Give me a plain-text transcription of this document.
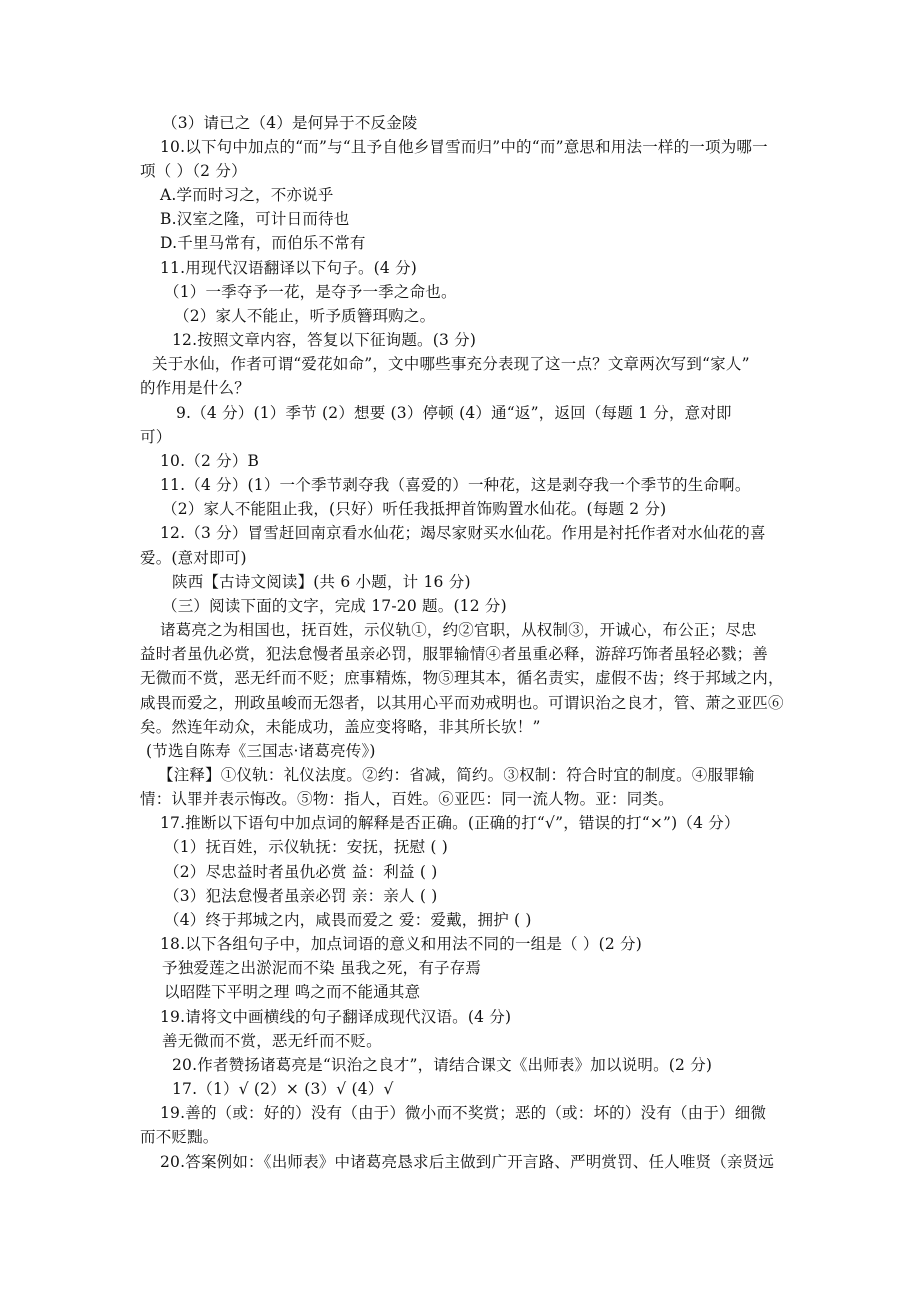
（3）请已之（4）是何异于不反金陵
10.以下句中加点的“而”与“且予自他乡冒雪而归”中的“而”意思和用法一样的一项为哪一
项（ ）（2 分）
A.学而时习之，不亦说乎
B.汉室之隆，可计日而待也
D.千里马常有，而伯乐不常有
11.用现代汉语翻译以下句子。(4 分)
（1）一季夺予一花，是夺予一季之命也。
（2）家人不能止，听予质簪珥购之。
12.按照文章内容，答复以下征询题。(3 分)
关于水仙，作者可谓“爱花如命”，文中哪些事充分表现了这一点？文章两次写到“家人”
的作用是什么？
9.（4 分）(1）季节 (2）想要 (3）停顿 (4）通“返”，返回（每题 1 分，意对即
可）
10.（2 分）B
11.（4 分）(1）一个季节剥夺我（喜爱的）一种花，这是剥夺我一个季节的生命啊。
（2）家人不能阻止我，(只好）听任我抵押首饰购置水仙花。(每题 2 分)
12.（3 分）冒雪赶回南京看水仙花；竭尽家财买水仙花。作用是衬托作者对水仙花的喜
爱。(意对即可)
陕西【古诗文阅读】(共 6 小题，计 16 分)
（三）阅读下面的文字，完成 17-20 题。(12 分)
诸葛亮之为相国也，抚百姓，示仪轨①，约②官职，从权制③，开诚心，布公正；尽忠
益时者虽仇必赏，犯法怠慢者虽亲必罚，服罪输情④者虽重必释，游辞巧饰者虽轻必戮；善
无微而不赏，恶无纤而不贬；庶事精炼，物⑤理其本，循名责实，虚假不齿；终于邦域之内，
咸畏而爱之，刑政虽峻而无怨者，以其用心平而劝戒明也。可谓识治之良才，管、萧之亚匹⑥
矣。然连年动众，未能成功，盖应变将略，非其所长欤！”
(节选自陈寿《三国志·诸葛亮传》)
【注释】①仪轨：礼仪法度。②约：省减，简约。③权制：符合时宜的制度。④服罪输
情：认罪并表示悔改。⑤物：指人，百姓。⑥亚匹：同一流人物。亚：同类。
17.推断以下语句中加点词的解释是否正确。(正确的打“√”，错误的打“×”)（4 分）
（1）抚百姓，示仪轨抚：安抚，抚慰 ( )
（2）尽忠益时者虽仇必赏 益：利益 ( )
（3）犯法怠慢者虽亲必罚 亲：亲人 ( )
（4）终于邦城之内，咸畏而爱之 爱：爱戴，拥护 ( )
18.以下各组句子中，加点词语的意义和用法不同的一组是（ ）(2 分)
予独爱莲之出淤泥而不染 虽我之死，有子存焉
以昭陛下平明之理 鸣之而不能通其意
19.请将文中画横线的句子翻译成现代汉语。(4 分)
善无微而不赏，恶无纤而不贬。
20.作者赞扬诸葛亮是“识治之良才”，请结合课文《出师表》加以说明。(2 分)
17.（1）√ (2）× (3）√ (4）√
19.善的（或：好的）没有（由于）微小而不奖赏；恶的（或：坏的）没有（由于）细微
而不贬黜。
20.答案例如：《出师表》中诸葛亮恳求后主做到广开言路、严明赏罚、任人唯贤（亲贤远
